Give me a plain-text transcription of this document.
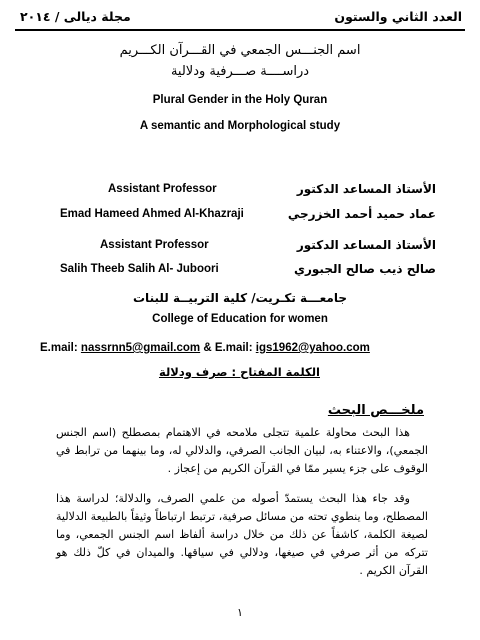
العدد الثاني والستون
مجلة ديالى / ٢٠١٤
اسم الجنـــس الجمعي في القـــرآن الكـــريم
دراســــة صـــرفية ودلالية
Plural Gender in the Holy Quran
A semantic and Morphological study
Assistant Professor	الأستاذ المساعد الدكتور
Emad Hameed Ahmed Al-Khazraji	عماد حميد أحمد الخزرجي
Assistant Professor	الأستاذ المساعد الدكتور
Salih Theeb Salih Al- Juboori	صالح ذيب صالح الجبوري
جامعـــة تكـريت/ كلية التربيــة للبنات
College of Education for women
E.mail: nassrnn5@gmail.com & E.mail: igs1962@yahoo.com
الكلمة المفتاح : صرف ودلالة
ملخـــص البحث
هذا البحث محاولة علمية تتجلى ملامحه في الاهتمام بمصطلح (اسم الجنس الجمعي)، والاعتناء به، لبيان الجانب الصرفي، والدلالي له، وما بينهما من ترابط في الوقوف على جزء يسير ممّا في القرآن الكريم من إعجاز .
وقد جاء هذا البحث يستمدّ أصوله من علمي الصرف، والدلالة؛ لدراسة هذا المصطلح، وما ينطوي تحته من مسائل صرفية، ترتبط ارتباطاً وثيقاً بالطبيعة الدلالية لصيغة الكلمة، كاشفاً عن ذلك من خلال دراسة ألفاظ اسم الجنس الجمعي، وما تتركه من أثر صرفي في صيغها، ودلالي في سياقها. والميدان في كلّ ذلك هو القرآن الكريم .
١
